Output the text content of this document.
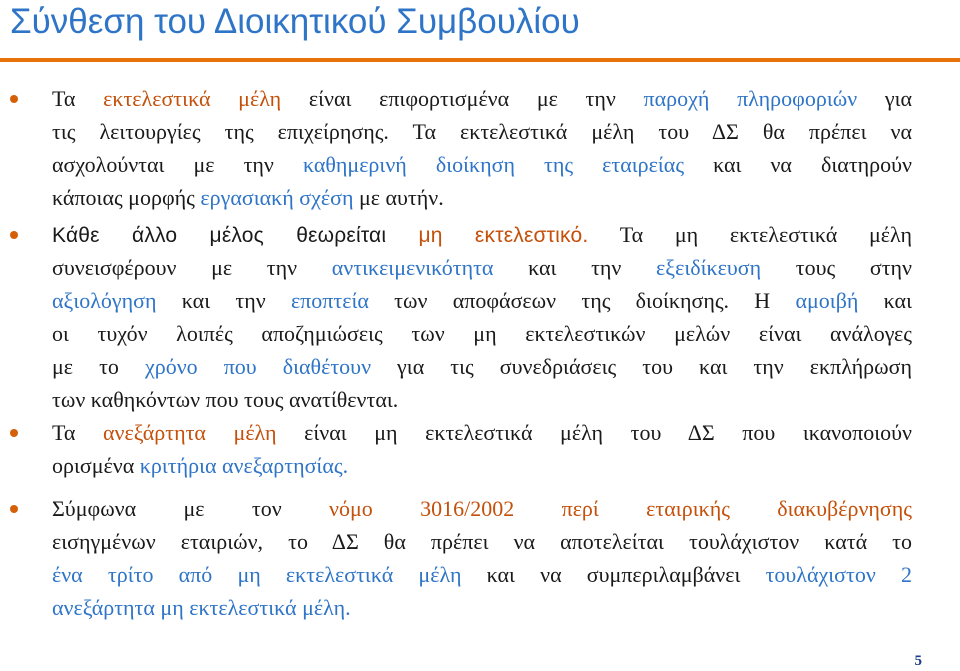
Σύνθεση του Διοικητικού Συμβουλίου
Τα εκτελεστικά μέλη είναι επιφορτισμένα με την παροχή πληροφοριών για
τις λειτουργίες της επιχείρησης. Τα εκτελεστικά μέλη του ΔΣ θα πρέπει να
ασχολούνται με την καθημερινή διοίκηση της εταιρείας και να διατηρούν
κάποιας μορφής εργασιακή σχέση με αυτήν.
Κάθε άλλο μέλος θεωρείται μη εκτελεστικό. Τα μη εκτελεστικά μέλη
συνεισφέρουν με την αντικειμενικότητα και την εξειδίκευση τους στην
αξιολόγηση και την εποπτεία των αποφάσεων της διοίκησης. Η αμοιβή και
οι τυχόν λοιπές αποζημιώσεις των μη εκτελεστικών μελών είναι ανάλογες
με το χρόνο που διαθέτουν για τις συνεδριάσεις του και την εκπλήρωση
των καθηκόντων που τους ανατίθενται.
Τα ανεξάρτητα μέλη είναι μη εκτελεστικά μέλη του ΔΣ που ικανοποιούν
ορισμένα κριτήρια ανεξαρτησίας.
Σύμφωνα με τον νόμο 3016/2002 περί εταιρικής διακυβέρνησης
εισηγμένων εταιριών, το ΔΣ θα πρέπει να αποτελείται τουλάχιστον κατά το
ένα τρίτο από μη εκτελεστικά μέλη και να συμπεριλαμβάνει τουλάχιστον 2
ανεξάρτητα μη εκτελεστικά μέλη.
5
